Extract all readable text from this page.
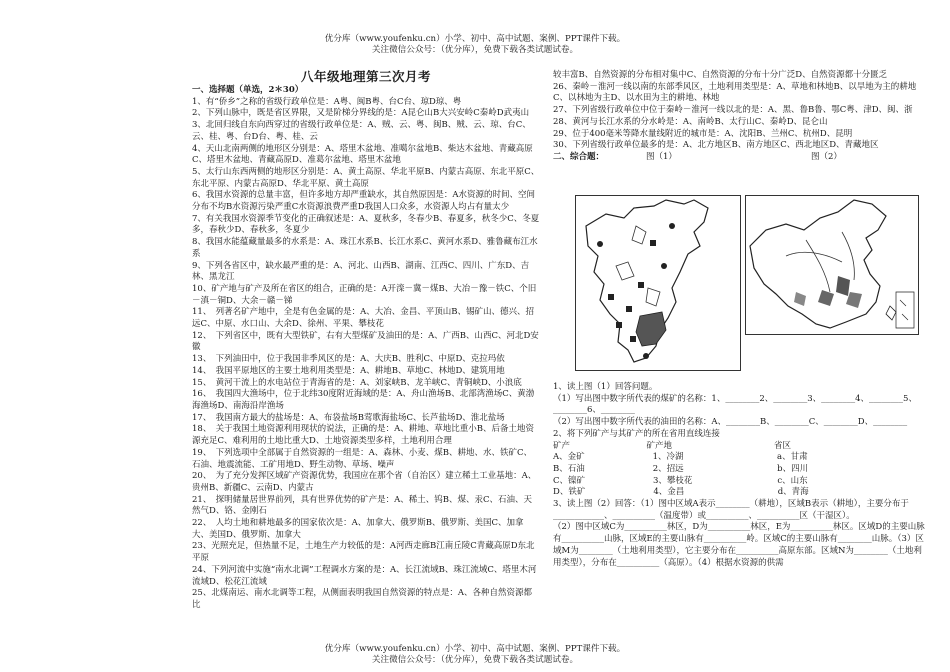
优分库（www.youfenku.cn）小学、初中、高中试题、案例、PPT课件下载。
关注微信公众号：（优分库），免费下载各类试题试卷。
八年级地理第三次月考
一、选择题（单选，2＊30）
1、有“侨乡”之称的省级行政单位是：A粤、闽B粤、台C台、琼D琼、粤
2、下列山脉中，既是省区界限，又是阶梯分界线的是：A昆仑山B大兴安岭C秦岭D武夷山
3、北回归线自东向西穿过的省级行政单位是：A、贼、云、粤、闽B、贼、云、琼、台C、云、桂、粤、台D台、粤、桂、云
4、天山北南两侧的地形区分别是：A、塔里木盆地、准噶尔盆地B、柴达木盆地、青藏高原C、塔里木盆地、青藏高原D、准葛尔盆地、塔里木盆地
5、太行山东西两侧的地形区分别是：A、黄土高原、华北平原B、内蒙古高原、东北平原C、东北平原、内蒙古高原D、华北平原、黄土高原
6、我国水资源的总量丰富，但许多地方却严重缺水，其自然原因是：A水资源的时间、空间分布不均B水资源污染严重C水资源浪费严重D我国人口众多，水资源人均占有量太少
7、有关我国水资源季节变化的正确叙述是：A、夏秋多，冬春少B、春夏多，秋冬少C、冬夏多，春秋少D、春秋多，冬夏少
8、我国水能蕴藏量最多的水系是：A、珠江水系B、长江水系C、黄河水系D、雅鲁藏布江水系
9、下列各省区中，缺水最严重的是：A、河北、山西B、湖南、江西C、四川、广东D、吉林、黑龙江
10、矿产地与矿产及所在省区的组合，正确的是：A开滦－冀－煤B、大冶－豫－铁C、个旧－滇－铜D、大余－赣－锑
11、　列著名矿产地中，全是有色金属的是：A、大冶、金昌、平顶山B、锡矿山、德兴、招远C、中原、水口山、大余D、徐州、平果、攀枝花
12、　下列省区中，既有大型铁矿，右有大型煤矿及油田的是：A、广西B、山西C、河北D安徽
13、　下列油田中，位于我国非季风区的是：A、大庆B、胜利C、中原D、克拉玛依
14、　我国平原地区的主要土地利用类型是：A、耕地B、草地C、林地D、建筑用地
15、　黄河干流上的水电站位于青海省的是：A、刘家峡B、龙羊峡C、青铜峡D、小浪底
16、　我国四大渔场中，位于北纬30度附近海域的是：A、舟山渔场B、北部湾渔场C、黄渤海渔场D、南海沿岸渔场
17、　我国南方最大的盐场是：A、布袋盐场B莺歌海盐场C、长芦盐场D、淮北盐场
18、　关于我国土地资源利用现状的说法，正确的是：A、耕地、草地比重小B、后备土地资源充足C、难利用的土地比重大D、土地资源类型多样，土地利用合理
19、　下列选项中全部属于自然资源的一组是：A、森林、小麦、煤B、耕地、水、铁矿C、石油、地震流能、工矿用地D、野生动物、草场、噪声
20、　为了充分发挥区域矿产资源优势，我国应在那个省（自治区）建立稀土工业基地：A、贵州B、新疆C、云南D、内蒙古
21、　探明储量居世界前列，具有世界优势的矿产是：A、稀土、钨B、煤、汞C、石油、天然气D、铬、金刚石
22、　人均土地和耕地最多的国家依次是：A、加拿大、俄罗斯B、俄罗斯、美国C、加拿大、美国D、俄罗斯、加拿大
23、光照充足，但热量不足，土地生产力较低的是：A河西走廊B江南丘陵C青藏高原D东北平原
24、下列河流中实施“南水北调”工程调水方案的是：A、长江流域B、珠江流域C、塔里木河流域D、松花江流域
25、北煤南运、南水北调等工程，从侧面表明我国自然资源的特点是：A、各种自然资源都比
较丰富B、自然资源的分布相对集中C、自然资源的分布十分广泛D、自然资源都十分匮乏
26、秦岭－淮河一线以南的东部季风区，土地利用类型是：A、草地和林地B、以旱地为主的耕地C、以林地为主D、以水田为主的耕地、林地
27、下列省级行政单位中位于秦岭－淮河一线以北的是：A、黑、鲁B鲁、鄂C粤、津D、闽、浙
28、黄河与长江水系的分水岭是：A、南岭B、太行山C、秦岭D、昆仑山
29、位于400毫米等降水量线附近的城市是：A、沈阳B、兰州C、杭州D、昆明
30、下列省级行政单位最多的是：A、北方地区B、南方地区C、西北地区D、青藏地区
二、综合题：	图（1）	图（2）
1、读上图（1）回答问题。
（1）写出图中数字所代表的煤矿的名称：1、________2、________3、________4、________5、________6、________
（2）写出图中数字所代表的油田的名称：A、________B、________C、________D、________
2、将下列矿产与其矿产的所在省用直线连接
矿产　　　　　　　　　矿产地　　　　　　　　　　　　省区
A、金矿　　　　　　　　1、冷湖　　　　　　　　　　　a、甘肃
B、石油　　　　　　　　2、招远　　　　　　　　　　　b、四川
C、镍矿　　　　　　　　3、攀枝花　　　　　　　　　　c、山东
D、铁矿　　　　　　　　4、金昌　　　　　　　　　　　d、青海
3、读上图（2）回答：（1）图中区域A表示________（耕地），区域B表示（耕地），主要分布于____________、__________（温度带）或__________、__________区（干湿区）。
（2）图中区域C为__________林区，D为__________林区，E为__________林区。区域D的主要山脉有__________山脉，区域E的主要山脉有__________岭。区域C的主要山脉有________山脉。（3）区域M为________（土地利用类型），它主要分布在__________高原东部。区域N为________（土地利用类型），分布在__________（高原）。（4）根据水资源的供需
优分库（www.youfenku.cn）小学、初中、高中试题、案例、PPT课件下载。
关注微信公众号：（优分库），免费下载各类试题试卷。
